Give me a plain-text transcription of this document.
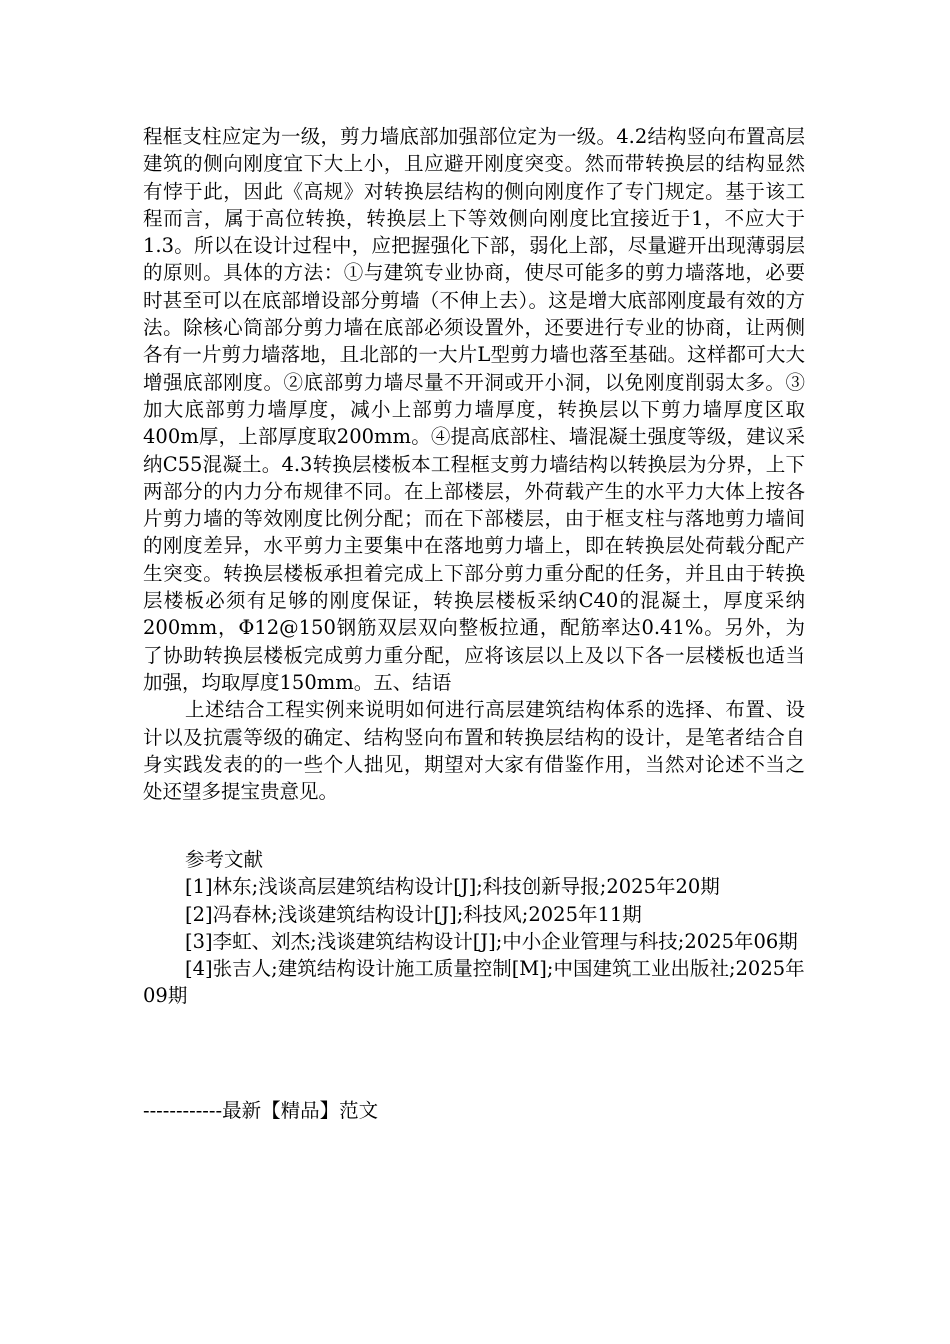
程框支柱应定为一级，剪力墙底部加强部位定为一级。4.2结构竖向布置高层建筑的侧向刚度宜下大上小，且应避开刚度突变。然而带转换层的结构显然有悖于此，因此《高规》对转换层结构的侧向刚度作了专门规定。基于该工程而言，属于高位转换，转换层上下等效侧向刚度比宜接近于1，不应大于1.3。所以在设计过程中，应把握强化下部，弱化上部，尽量避开出现薄弱层的原则。具体的方法：①与建筑专业协商，使尽可能多的剪力墙落地，必要时甚至可以在底部增设部分剪墙（不伸上去）。这是增大底部刚度最有效的方法。除核心筒部分剪力墙在底部必须设置外，还要进行专业的协商，让两侧各有一片剪力墙落地，且北部的一大片L型剪力墙也落至基础。这样都可大大增强底部刚度。②底部剪力墙尽量不开洞或开小洞，以免刚度削弱太多。③加大底部剪力墙厚度，减小上部剪力墙厚度，转换层以下剪力墙厚度区取400m厚，上部厚度取200mm。④提高底部柱、墙混凝土强度等级，建议采纳C55混凝土。4.3转换层楼板本工程框支剪力墙结构以转换层为分界，上下两部分的内力分布规律不同。在上部楼层，外荷载产生的水平力大体上按各片剪力墙的等效刚度比例分配；而在下部楼层，由于框支柱与落地剪力墙间的刚度差异，水平剪力主要集中在落地剪力墙上，即在转换层处荷载分配产生突变。转换层楼板承担着完成上下部分剪力重分配的任务，并且由于转换层楼板必须有足够的刚度保证，转换层楼板采纳C40的混凝土，厚度采纳200mm，Φ12@150钢筋双层双向整板拉通，配筋率达0.41%。另外，为了协助转换层楼板完成剪力重分配，应将该层以上及以下各一层楼板也适当加强，均取厚度150mm。五、结语

上述结合工程实例来说明如何进行高层建筑结构体系的选择、布置、设计以及抗震等级的确定、结构竖向布置和转换层结构的设计，是笔者结合自身实践发表的的一些个人拙见，期望对大家有借鉴作用，当然对论述不当之处还望多提宝贵意见。

参考文献

[1]林东;浅谈高层建筑结构设计[J];科技创新导报;2025年20期

[2]冯春林;浅谈建筑结构设计[J];科技风;2025年11期

[3]李虹、刘杰;浅谈建筑结构设计[J];中小企业管理与科技;2025年06期

[4]张吉人;建筑结构设计施工质量控制[M];中国建筑工业出版社;2025年09期

------------最新【精品】范文
